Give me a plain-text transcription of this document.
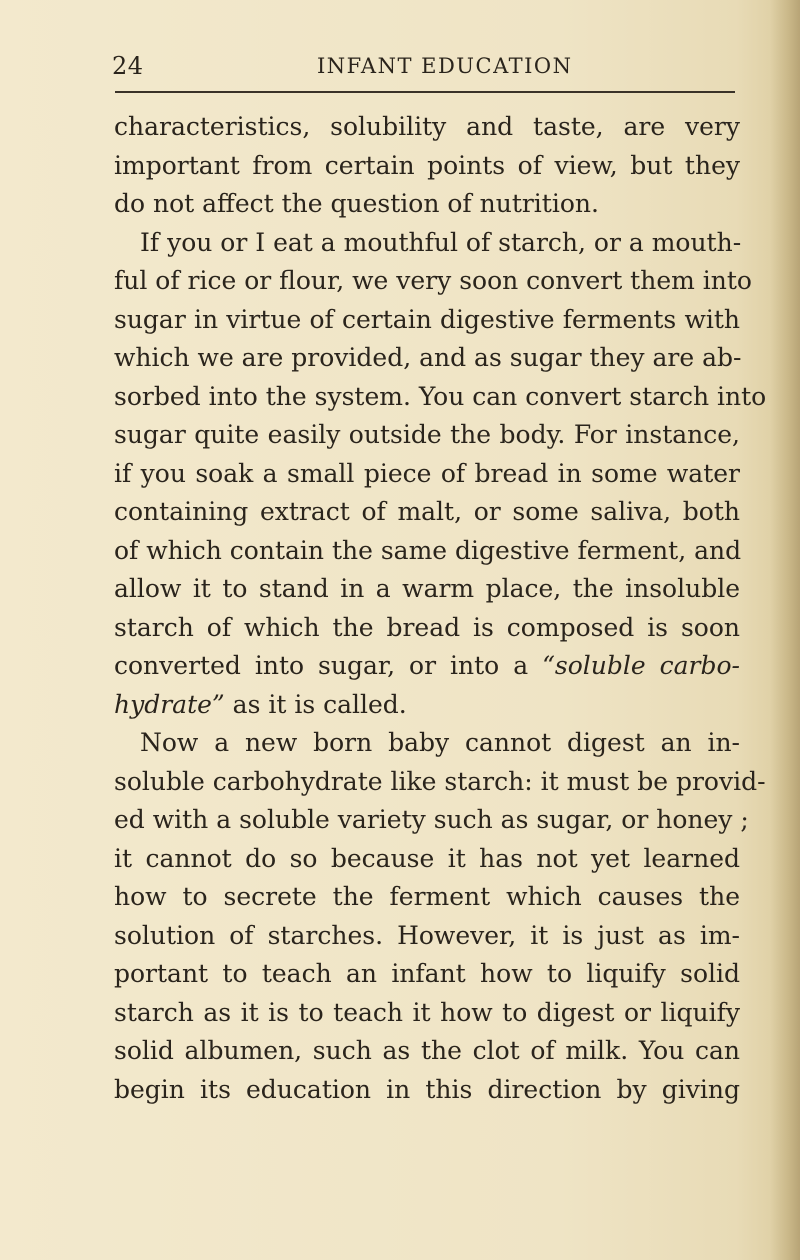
24	INFANT EDUCATION
characteristics, solubility and taste, are very
important from certain points of view, but they
do not affect the question of nutrition.
If you or I eat a mouthful of starch, or a mouth-
ful of rice or flour, we very soon convert them into
sugar in virtue of certain digestive ferments with
which we are provided, and as sugar they are ab-
sorbed into the system. You can convert starch into
sugar quite easily outside the body. For instance,
if you soak a small piece of bread in some water
containing extract of malt, or some saliva, both
of which contain the same digestive ferment, and
allow it to stand in a warm place, the insoluble
starch of which the bread is composed is soon
converted into sugar, or into a “soluble carbo-
hydrate” as it is called.
Now a new born baby cannot digest an in-
soluble carbohydrate like starch: it must be provid-
ed with a soluble variety such as sugar, or honey ;
it cannot do so because it has not yet learned
how to secrete the ferment which causes the
solution of starches. However, it is just as im-
portant to teach an infant how to liquify solid
starch as it is to teach it how to digest or liquify
solid albumen, such as the clot of milk. You can
begin its education in this direction by giving
